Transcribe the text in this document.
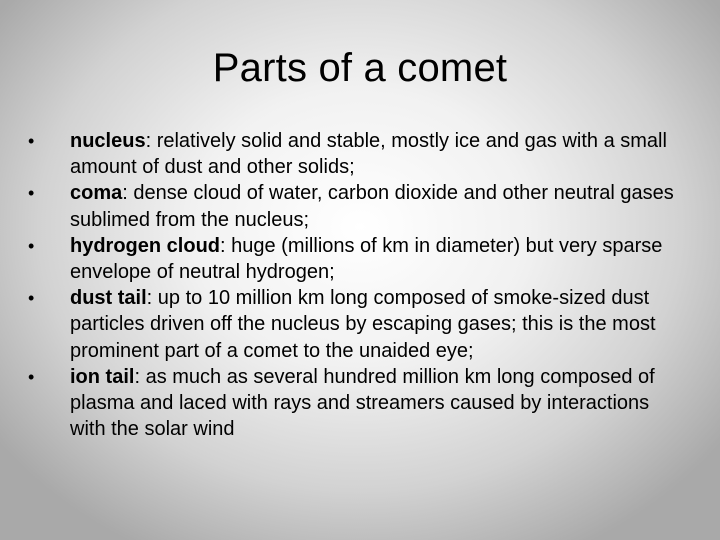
Parts of a comet
•	nucleus: relatively solid and stable, mostly ice and gas with a small amount of dust and other solids;
•	coma: dense cloud of water, carbon dioxide and other neutral gases sublimed from the nucleus;
•	hydrogen cloud: huge (millions of km in diameter) but very sparse envelope of neutral hydrogen;
•	dust tail: up to 10 million km long composed of smoke-sized dust particles driven off the nucleus by escaping gases; this is the most prominent part of a comet to the unaided eye;
•	ion tail: as much as several hundred million km long composed of plasma and laced with rays and streamers caused by interactions with the solar wind
